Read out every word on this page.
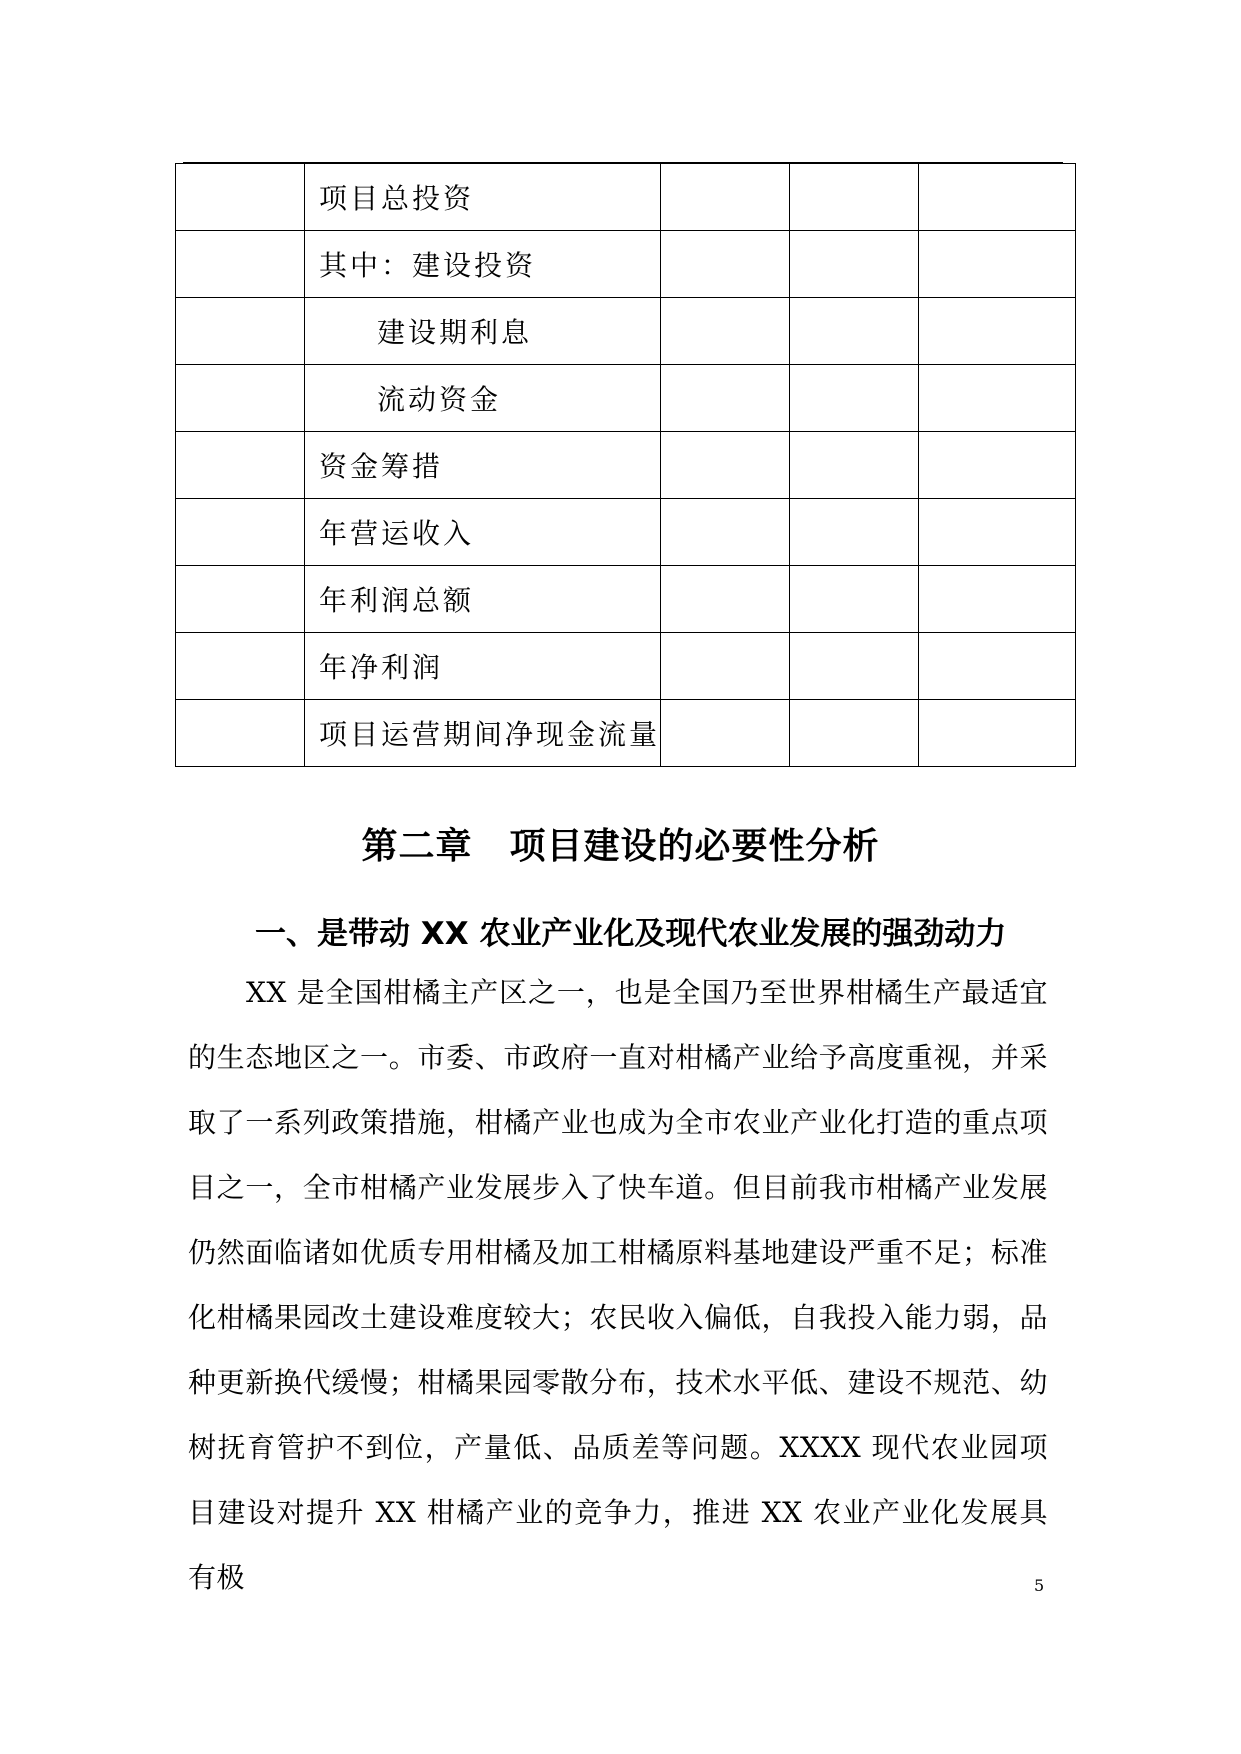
	项目总投资			
	其中：建设投资			
	建设期利息			
	流动资金			
	资金筹措			
	年营运收入			
	年利润总额			
	年净利润			
	项目运营期间净现金流量			
第二章　项目建设的必要性分析
一、是带动 XX 农业产业化及现代农业发展的强劲动力

XX 是全国柑橘主产区之一，也是全国乃至世界柑橘生产最适宜的生态地区之一。市委、市政府一直对柑橘产业给予高度重视，并采取了一系列政策措施，柑橘产业也成为全市农业产业化打造的重点项目之一，全市柑橘产业发展步入了快车道。但目前我市柑橘产业发展仍然面临诸如优质专用柑橘及加工柑橘原料基地建设严重不足；标准化柑橘果园改土建设难度较大；农民收入偏低，自我投入能力弱，品种更新换代缓慢；柑橘果园零散分布，技术水平低、建设不规范、幼树抚育管护不到位，产量低、品质差等问题。XXXX 现代农业园项目建设对提升 XX 柑橘产业的竞争力，推进 XX 农业产业化发展具有极	5
